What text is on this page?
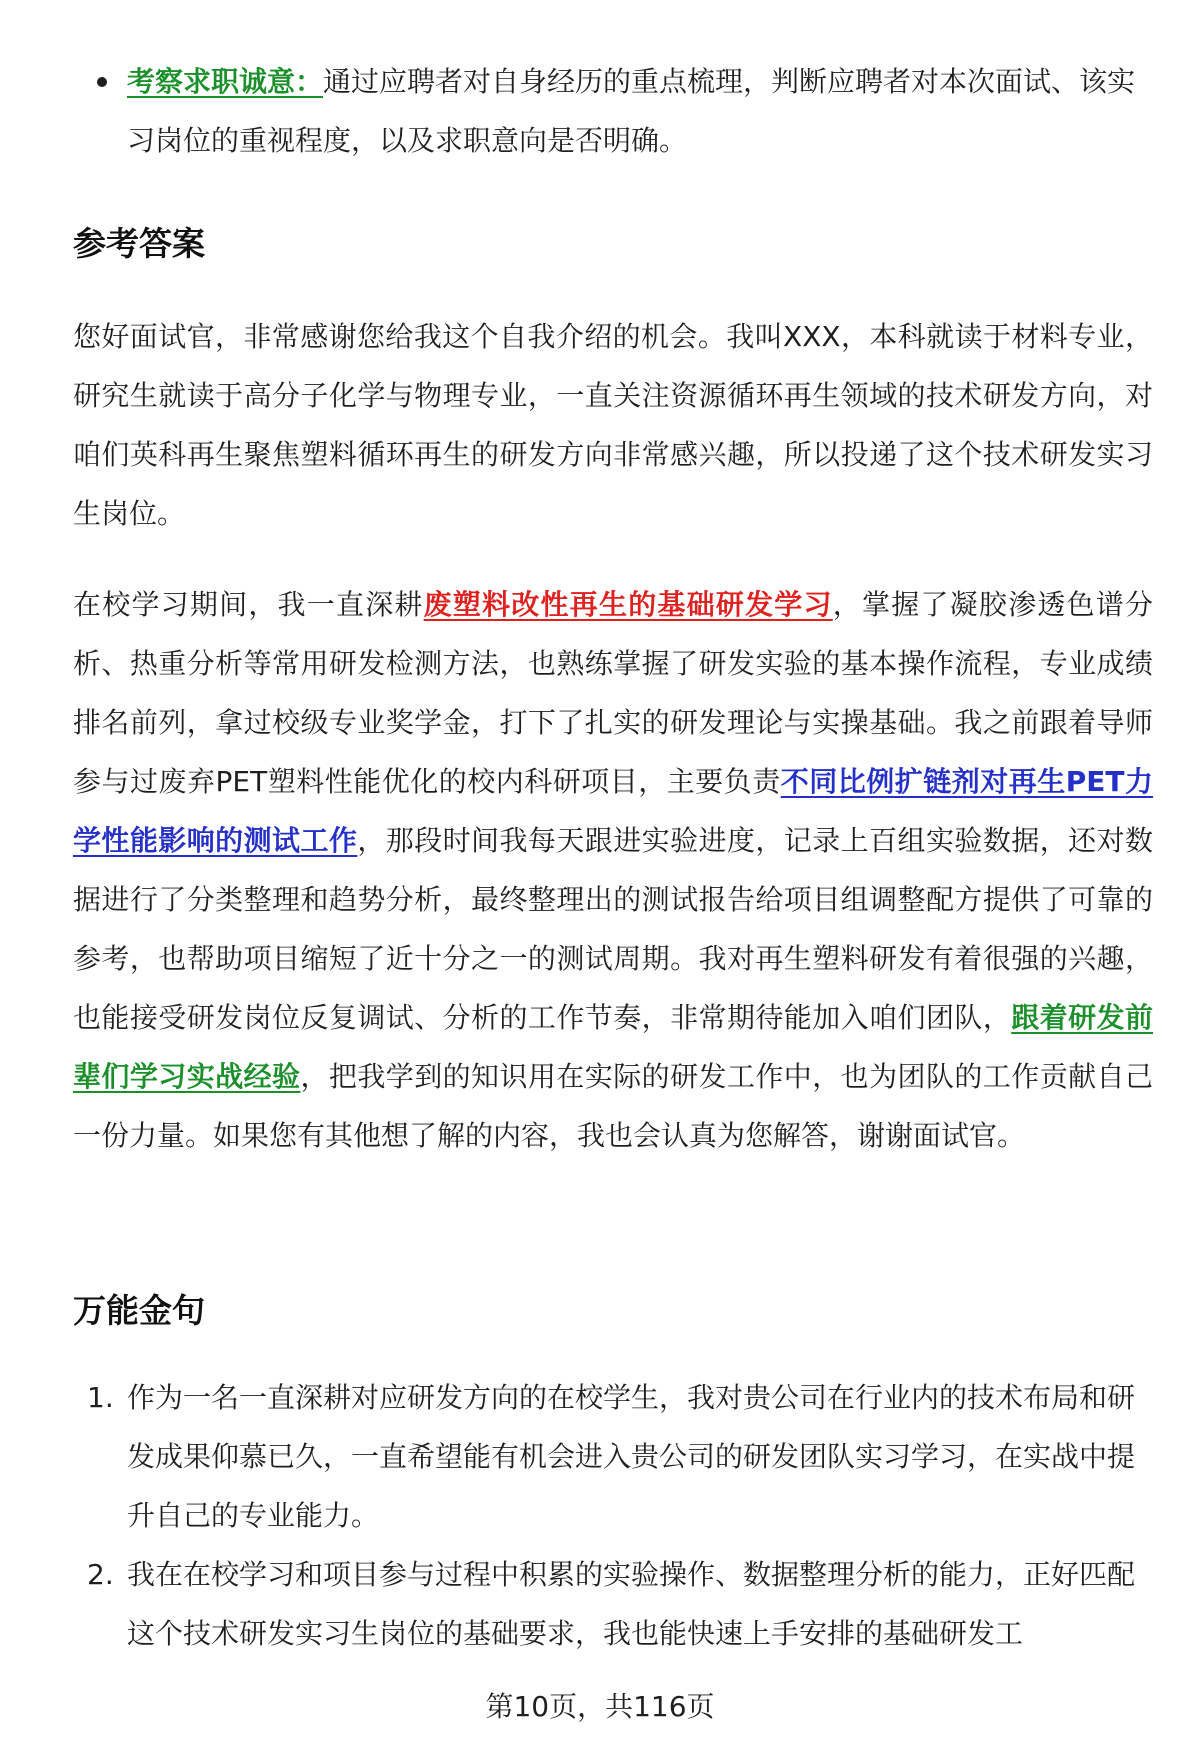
考察求职诚意：通过应聘者对自身经历的重点梳理，判断应聘者对本次面试、该实习岗位的重视程度，以及求职意向是否明确。
参考答案
您好面试官，非常感谢您给我这个自我介绍的机会。我叫XXX，本科就读于材料专业，研究生就读于高分子化学与物理专业，一直关注资源循环再生领域的技术研发方向，对咱们英科再生聚焦塑料循环再生的研发方向非常感兴趣，所以投递了这个技术研发实习生岗位。
在校学习期间，我一直深耕废塑料改性再生的基础研发学习，掌握了凝胶渗透色谱分析、热重分析等常用研发检测方法，也熟练掌握了研发实验的基本操作流程，专业成绩排名前列，拿过校级专业奖学金，打下了扎实的研发理论与实操基础。我之前跟着导师参与过废弃PET塑料性能优化的校内科研项目，主要负责不同比例扩链剂对再生PET力学性能影响的测试工作，那段时间我每天跟进实验进度，记录上百组实验数据，还对数据进行了分类整理和趋势分析，最终整理出的测试报告给项目组调整配方提供了可靠的参考，也帮助项目缩短了近十分之一的测试周期。我对再生塑料研发有着很强的兴趣，也能接受研发岗位反复调试、分析的工作节奏，非常期待能加入咱们团队，跟着研发前辈们学习实战经验，把我学到的知识用在实际的研发工作中，也为团队的工作贡献自己一份力量。如果您有其他想了解的内容，我也会认真为您解答，谢谢面试官。
万能金句
1. 作为一名一直深耕对应研发方向的在校学生，我对贵公司在行业内的技术布局和研发成果仰慕已久，一直希望能有机会进入贵公司的研发团队实习学习，在实战中提升自己的专业能力。
2. 我在在校学习和项目参与过程中积累的实验操作、数据整理分析的能力，正好匹配这个技术研发实习生岗位的基础要求，我也能快速上手安排的基础研发工
第10页，共116页
